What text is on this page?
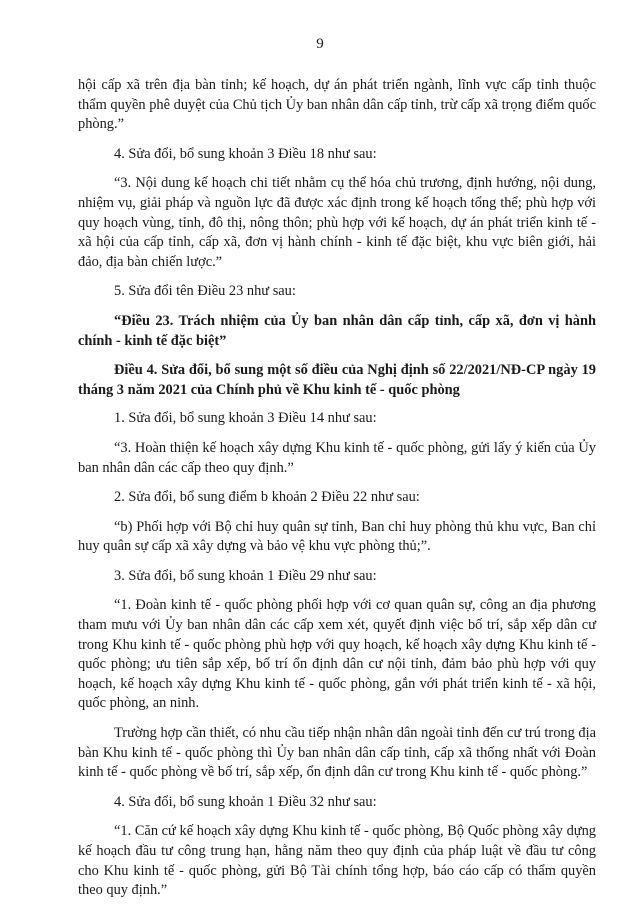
9

hội cấp xã trên địa bàn tỉnh; kế hoạch, dự án phát triển ngành, lĩnh vực cấp tỉnh thuộc thẩm quyền phê duyệt của Chủ tịch Ủy ban nhân dân cấp tỉnh, trừ cấp xã trọng điểm quốc phòng.”

4. Sửa đổi, bổ sung khoản 3 Điều 18 như sau:

“3. Nội dung kế hoạch chi tiết nhằm cụ thể hóa chủ trương, định hướng, nội dung, nhiệm vụ, giải pháp và nguồn lực đã được xác định trong kế hoạch tổng thể; phù hợp với quy hoạch vùng, tỉnh, đô thị, nông thôn; phù hợp với kế hoạch, dự án phát triển kinh tế - xã hội của cấp tỉnh, cấp xã, đơn vị hành chính - kinh tế đặc biệt, khu vực biên giới, hải đảo, địa bàn chiến lược.”

5. Sửa đổi tên Điều 23 như sau:

“Điều 23. Trách nhiệm của Ủy ban nhân dân cấp tỉnh, cấp xã, đơn vị hành chính - kinh tế đặc biệt”

Điều 4. Sửa đổi, bổ sung một số điều của Nghị định số 22/2021/NĐ-CP ngày 19 tháng 3 năm 2021 của Chính phủ về Khu kinh tế - quốc phòng

1. Sửa đổi, bổ sung khoản 3 Điều 14 như sau:

“3. Hoàn thiện kế hoạch xây dựng Khu kinh tế - quốc phòng, gửi lấy ý kiến của Ủy ban nhân dân các cấp theo quy định.”

2. Sửa đổi, bổ sung điểm b khoản 2 Điều 22 như sau:

“b) Phối hợp với Bộ chỉ huy quân sự tỉnh, Ban chỉ huy phòng thủ khu vực, Ban chỉ huy quân sự cấp xã xây dựng và bảo vệ khu vực phòng thủ;”.

3. Sửa đổi, bổ sung khoản 1 Điều 29 như sau:

“1. Đoàn kinh tế - quốc phòng phối hợp với cơ quan quân sự, công an địa phương tham mưu với Ủy ban nhân dân các cấp xem xét, quyết định việc bố trí, sắp xếp dân cư trong Khu kinh tế - quốc phòng phù hợp với quy hoạch, kế hoạch xây dựng Khu kinh tế - quốc phòng; ưu tiên sắp xếp, bố trí ổn định dân cư nội tỉnh, đảm bảo phù hợp với quy hoạch, kế hoạch xây dựng Khu kinh tế - quốc phòng, gắn với phát triển kinh tế - xã hội, quốc phòng, an ninh.

Trường hợp cần thiết, có nhu cầu tiếp nhận nhân dân ngoài tỉnh đến cư trú trong địa bàn Khu kinh tế - quốc phòng thì Ủy ban nhân dân cấp tỉnh, cấp xã thống nhất với Đoàn kinh tế - quốc phòng về bố trí, sắp xếp, ổn định dân cư trong Khu kinh tế - quốc phòng.”

4. Sửa đổi, bổ sung khoản 1 Điều 32 như sau:

“1. Căn cứ kế hoạch xây dựng Khu kinh tế - quốc phòng, Bộ Quốc phòng xây dựng kế hoạch đầu tư công trung hạn, hằng năm theo quy định của pháp luật về đầu tư công cho Khu kinh tế - quốc phòng, gửi Bộ Tài chính tổng hợp, báo cáo cấp có thẩm quyền theo quy định.”
